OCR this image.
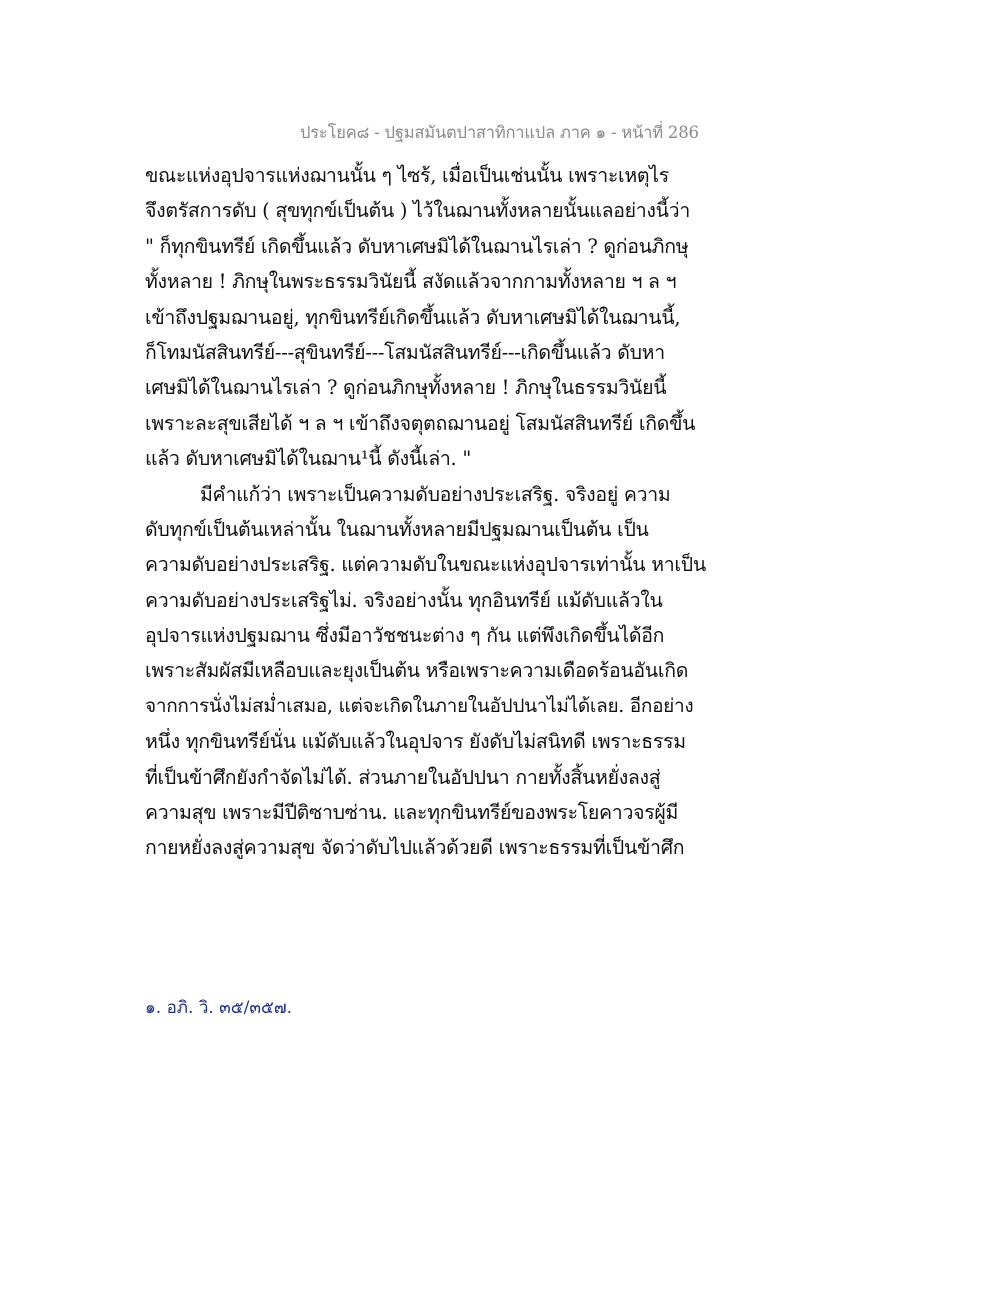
ประโยค๘ - ปฐมสมันตปาสาทิกาแปล ภาค ๑ - หน้าที่ 286
ขณะแห่งอุปจารแห่งฌานนั้น ๆ ไซร้, เมื่อเป็นเช่นนั้น เพราะเหตุไร
จึงตรัสการดับ ( สุขทุกข์เป็นต้น ) ไว้ในฌานทั้งหลายนั้นแลอย่างนี้ว่า
" ก็ทุกขินทรีย์ เกิดขึ้นแล้ว ดับหาเศษมิได้ในฌานไรเล่า ? ดูก่อนภิกษุ
ทั้งหลาย ! ภิกษุในพระธรรมวินัยนี้ สงัดแล้วจากกามทั้งหลาย ฯ ล ฯ
เข้าถึงปฐมฌานอยู่, ทุกขินทรีย์เกิดขึ้นแล้ว ดับหาเศษมิได้ในฌานนี้,
ก็โทมนัสสินทรีย์---สุขินทรีย์---โสมนัสสินทรีย์---เกิดขึ้นแล้ว ดับหา
เศษมิได้ในฌานไรเล่า ? ดูก่อนภิกษุทั้งหลาย ! ภิกษุในธรรมวินัยนี้
เพราะละสุขเสียได้ ฯ ล ฯ เข้าถึงจตุตถฌานอยู่ โสมนัสสินทรีย์ เกิดขึ้น
แล้ว ดับหาเศษมิได้ในฌาน¹นี้ ดังนี้เล่า. "
มีคำแก้ว่า เพราะเป็นความดับอย่างประเสริฐ. จริงอยู่ ความ
ดับทุกข์เป็นต้นเหล่านั้น ในฌานทั้งหลายมีปฐมฌานเป็นต้น เป็น
ความดับอย่างประเสริฐ. แต่ความดับในขณะแห่งอุปจารเท่านั้น หาเป็น
ความดับอย่างประเสริฐไม่. จริงอย่างนั้น ทุกอินทรีย์ แม้ดับแล้วใน
อุปจารแห่งปฐมฌาน ซึ่งมีอาวัชชนะต่าง ๆ กัน แต่พึงเกิดขึ้นได้อีก
เพราะสัมผัสมีเหลือบและยุงเป็นต้น หรือเพราะความเดือดร้อนอันเกิด
จากการนั่งไม่สม่ำเสมอ, แต่จะเกิดในภายในอัปปนาไม่ได้เลย. อีกอย่าง
หนึ่ง ทุกขินทรีย์นั่น แม้ดับแล้วในอุปจาร ยังดับไม่สนิทดี เพราะธรรม
ที่เป็นข้าศึกยังกำจัดไม่ได้. ส่วนภายในอัปปนา กายทั้งสิ้นหยั่งลงสู่
ความสุข เพราะมีปีติซาบซ่าน. และทุกขินทรีย์ของพระโยคาวจรผู้มี
กายหยั่งลงสู่ความสุข จัดว่าดับไปแล้วด้วยดี เพราะธรรมที่เป็นข้าศึก
๑. อภิ. วิ. ๓๕/๓๕๗.
